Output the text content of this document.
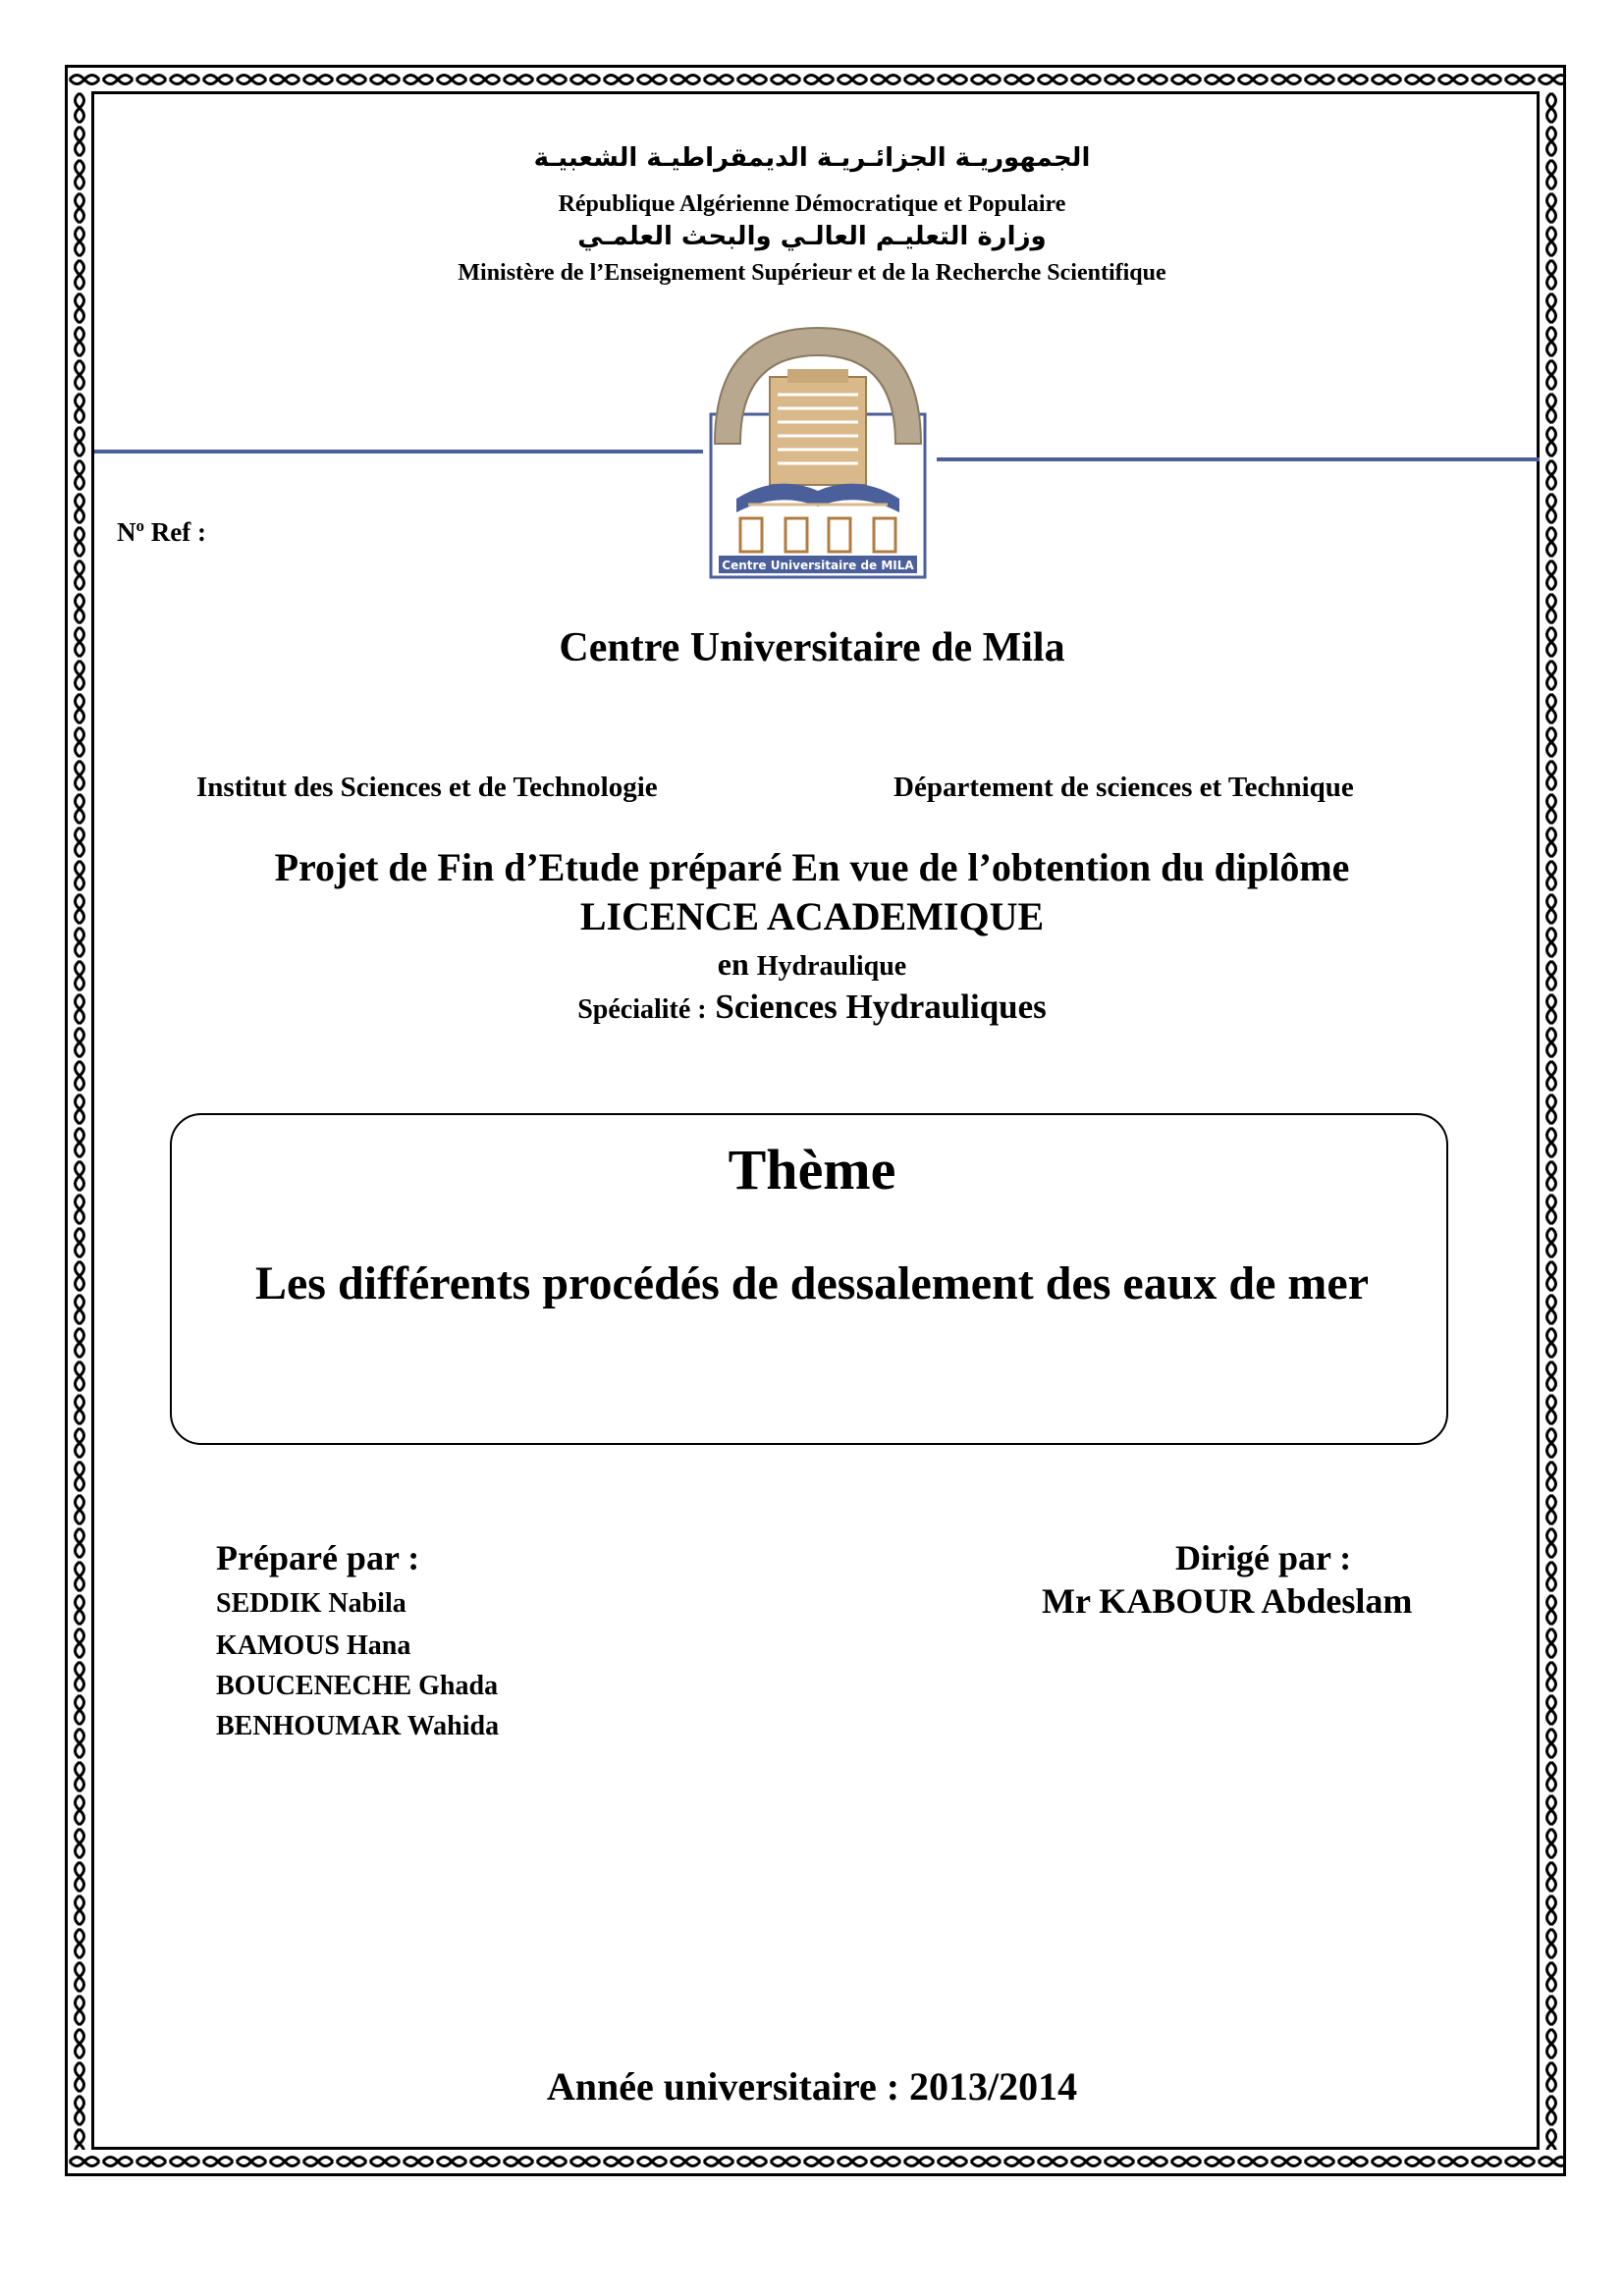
الجمهوريـة الجزائـريـة الديمقراطيـة الشعبيـة
République Algérienne Démocratique et Populaire
وزارة التعليـم العالـي والبحث العلمـي
Ministère de l’Enseignement Supérieur et de la Recherche Scientifique
Centre Universitaire de MILA
$N^o$ Ref :
Centre Universitaire de Mila
Institut des Sciences et de Technologie	Département de sciences et Technique
Projet de Fin d’Etude préparé En vue de l’obtention du diplôme
LICENCE ACADEMIQUE
en Hydraulique
Spécialité : Sciences Hydrauliques
Thème
Les différents procédés de dessalement des eaux de mer
Préparé par :
SEDDIK Nabila
KAMOUS Hana
BOUCENECHE Ghada
BENHOUMAR Wahida
Dirigé par :
Mr KABOUR Abdeslam
Année universitaire : 2013/2014
